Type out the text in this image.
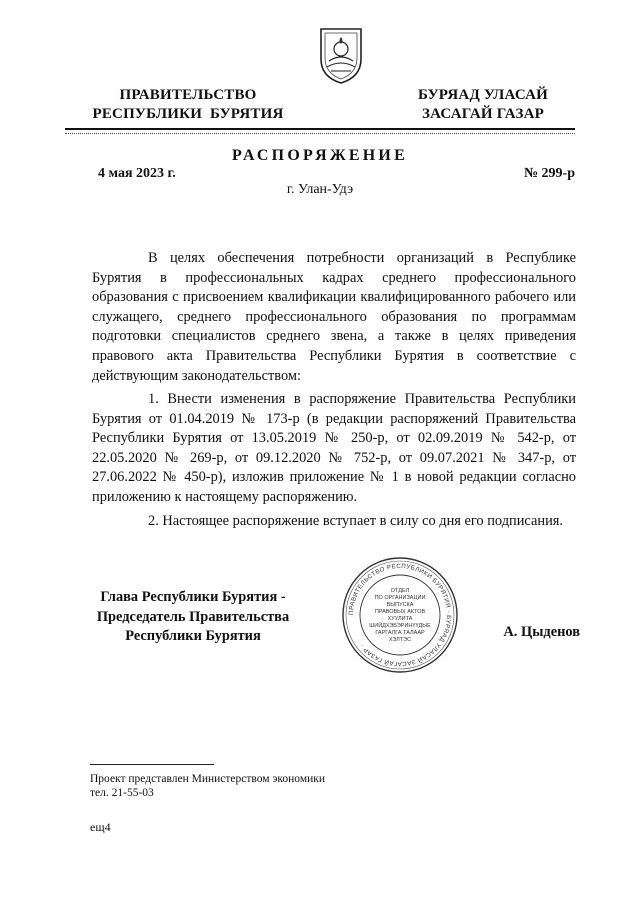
ПРАВИТЕЛЬСТВО
РЕСПУБЛИКИ  БУРЯТИЯ
БУРЯАД УЛАСАЙ
ЗАСАГАЙ ГАЗАР
РАСПОРЯЖЕНИЕ
4 мая 2023 г.	№ 299-р
г. Улан-Удэ

В целях обеспечения потребности организаций в Республике Бурятия в профессиональных кадрах среднего профессионального образования с присвоением квалификации квалифицированного рабочего или служащего, среднего профессионального образования по программам подготовки специалистов среднего звена, а также в целях приведения правового акта Правительства Республики Бурятия в соответствие с действующим законодательством:

1. Внести изменения в распоряжение Правительства Республики Бурятия от 01.04.2019 № 173-р (в редакции распоряжений Правительства Республики Бурятия от 13.05.2019 № 250-р, от 02.09.2019 № 542-р, от 22.05.2020 № 269-р, от 09.12.2020 № 752-р, от 09.07.2021 № 347-р, от 27.06.2022 № 450-р), изложив приложение № 1 в новой редакции согласно приложению к настоящему распоряжению.

2. Настоящее распоряжение вступает в силу со дня его подписания.

Глава Республики Бурятия -
Председатель Правительства
Республики Бурятия
ПРАВИТЕЛЬСТВО РЕСПУБЛИКИ БУРЯТИЯ · БУРЯАД УЛАСАЙ ЗАСАГАЙ ГАЗАР ·
ОТДЕЛ
ПО ОРГАНИЗАЦИИ
ВЫПУСКА
ПРАВОВЫХ АКТОВ
ХУУЛИТА
ШИЙДХЭБЭРИНҮҮДЫЕ
ГАРГАЛГА ТАЛААР
ХЭЛТЭС	А. Цыденов
Проект представлен Министерством экономики
тел. 21-55-03
ещ4
